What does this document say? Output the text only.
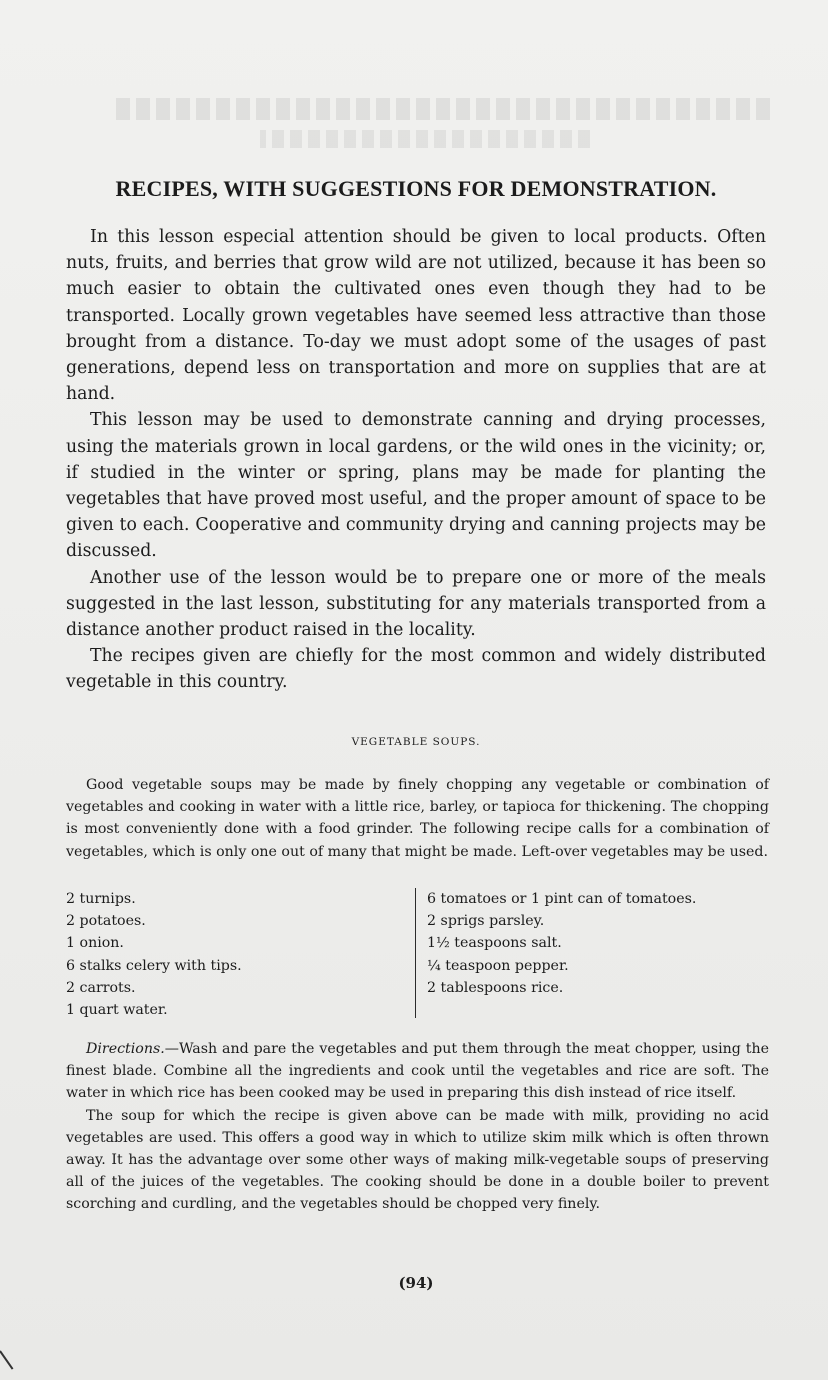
RECIPES, WITH SUGGESTIONS FOR DEMONSTRATION.

In this lesson especial attention should be given to local products. Often nuts, fruits, and berries that grow wild are not utilized, because it has been so much easier to obtain the cultivated ones even though they had to be transported. Locally grown vegetables have seemed less attractive than those brought from a distance. To-day we must adopt some of the usages of past generations, depend less on transportation and more on supplies that are at hand.

This lesson may be used to demonstrate canning and drying processes, using the materials grown in local gardens, or the wild ones in the vicinity; or, if studied in the winter or spring, plans may be made for planting the vegetables that have proved most useful, and the proper amount of space to be given to each. Cooperative and community drying and canning projects may be discussed.

Another use of the lesson would be to prepare one or more of the meals suggested in the last lesson, substituting for any materials transported from a distance another product raised in the locality.

The recipes given are chiefly for the most common and widely distributed vegetable in this country.

VEGETABLE SOUPS.

Good vegetable soups may be made by finely chopping any vegetable or combination of vegetables and cooking in water with a little rice, barley, or tapioca for thickening. The chopping is most conveniently done with a food grinder. The following recipe calls for a combination of vegetables, which is only one out of many that might be made. Left-over vegetables may be used.

2 turnips.
2 potatoes.
1 onion.
6 stalks celery with tips.
2 carrots.
1 quart water.
6 tomatoes or 1 pint can of tomatoes.
2 sprigs parsley.
1½ teaspoons salt.
¼ teaspoon pepper.
2 tablespoons rice.

Directions.—Wash and pare the vegetables and put them through the meat chopper, using the finest blade. Combine all the ingredients and cook until the vegetables and rice are soft. The water in which rice has been cooked may be used in preparing this dish instead of rice itself.

The soup for which the recipe is given above can be made with milk, providing no acid vegetables are used. This offers a good way in which to utilize skim milk which is often thrown away. It has the advantage over some other ways of making milk-vegetable soups of preserving all of the juices of the vegetables. The cooking should be done in a double boiler to prevent scorching and curdling, and the vegetables should be chopped very finely.

(94)
